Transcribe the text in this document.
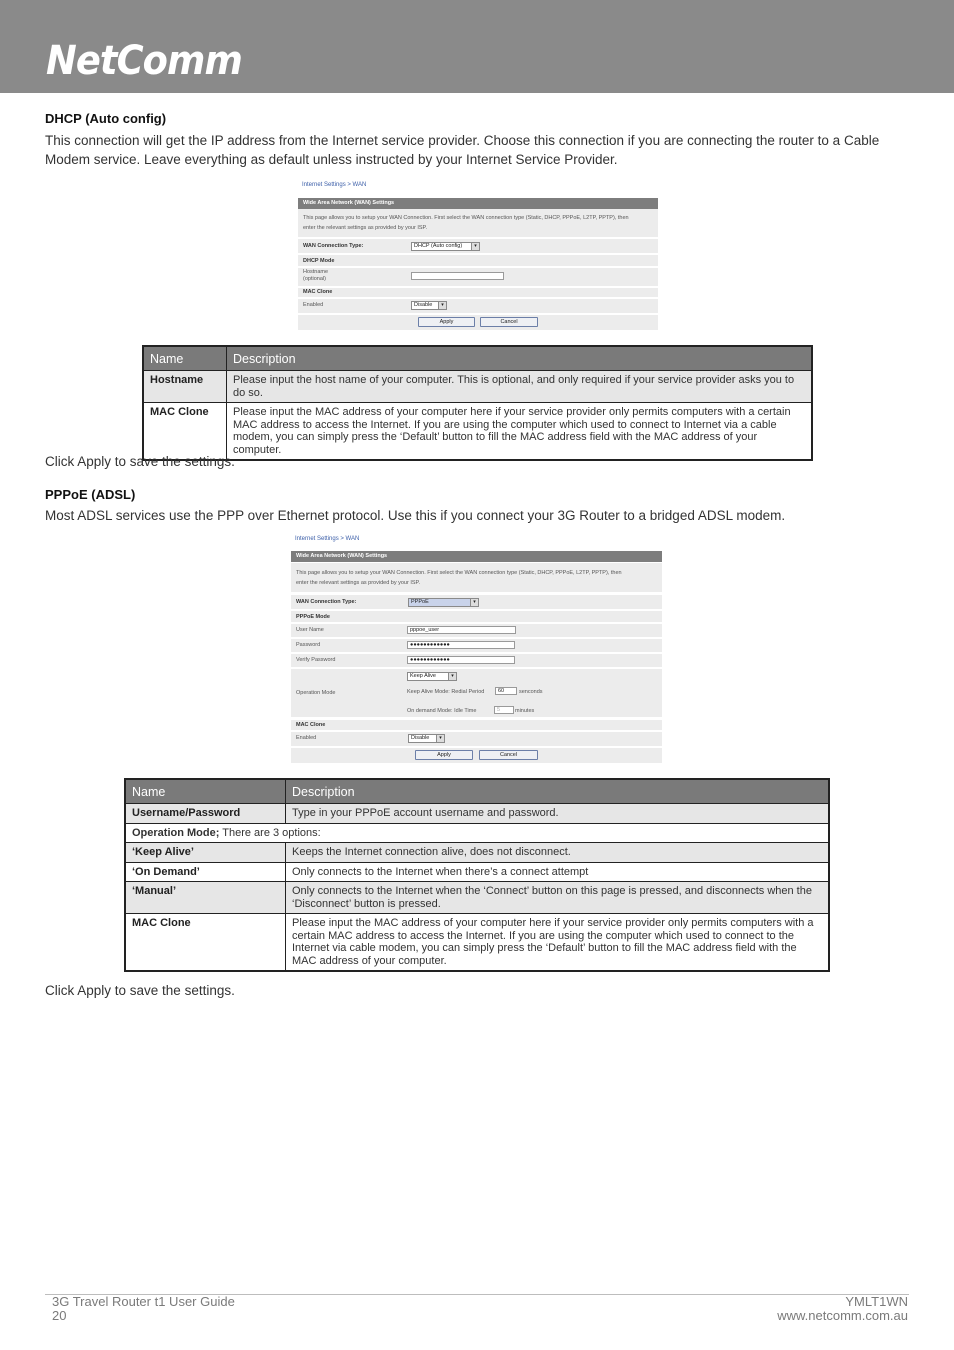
NetComm
DHCP (Auto config)
This connection will get the IP address from the Internet service provider. Choose this connection if you are connecting the router to a Cable Modem service. Leave everything as default unless instructed by your Internet Service Provider.
Internet Settings > WAN
Wide Area Network (WAN) Settings
This page allows you to setup your WAN Connection. First select the WAN connection type (Static, DHCP, PPPoE, L2TP, PPTP), then
enter the relevant settings as provided by your ISP.
WAN Connection Type:	DHCP (Auto config)	▾
DHCP Mode
Hostname
(optional)
MAC Clone
Enabled	Disable	▾
Apply	Cancel
Name	Description
Hostname	Please input the host name of your computer. This is optional, and only required if your service provider asks you to do so.
MAC Clone	Please input the MAC address of your computer here if your service provider only permits computers with a certain MAC address to access the Internet. If you are using the computer which used to connect to Internet via a cable modem, you can simply press the ‘Default’ button to fill the MAC address field with the MAC address of your computer.
Click Apply to save the settings.
PPPoE (ADSL)
Most ADSL services use the PPP over Ethernet protocol. Use this if you connect your 3G Router to a bridged ADSL modem.
Internet Settings > WAN
Wide Area Network (WAN) Settings
This page allows you to setup your WAN Connection. First select the WAN connection type (Static, DHCP, PPPoE, L2TP, PPTP), then
enter the relevant settings as provided by your ISP.
WAN Connection Type:	PPPoE	▾
PPPoE Mode
User Name	pppoe_user
Password	●●●●●●●●●●●●
Verify Password	●●●●●●●●●●●●
Keep Alive	▾
Operation Mode	Keep Alive Mode: Redial Period	60	senconds
On demand Mode: Idle Time	5	minutes
MAC Clone
Enabled	Disable	▾
Apply	Cancel
Name	Description
Username/Password	Type in your PPPoE account username and password.
Operation Mode; There are 3 options:	
‘Keep Alive’	Keeps the Internet connection alive, does not disconnect.
‘On Demand’	Only connects to the Internet when there’s a connect attempt
‘Manual’	Only connects to the Internet when the ‘Connect’ button on this page is pressed, and disconnects when the ‘Disconnect’ button is pressed.
MAC Clone	Please input the MAC address of your computer here if your service provider only permits computers with a certain MAC address to access the Internet. If you are using the computer which used to connect to the Internet via cable modem, you can simply press the ‘Default’ button to fill the MAC address field with the MAC address of your computer.
Click Apply to save the settings.
3G Travel Router t1 User Guide
20
YMLT1WN
www.netcomm.com.au
